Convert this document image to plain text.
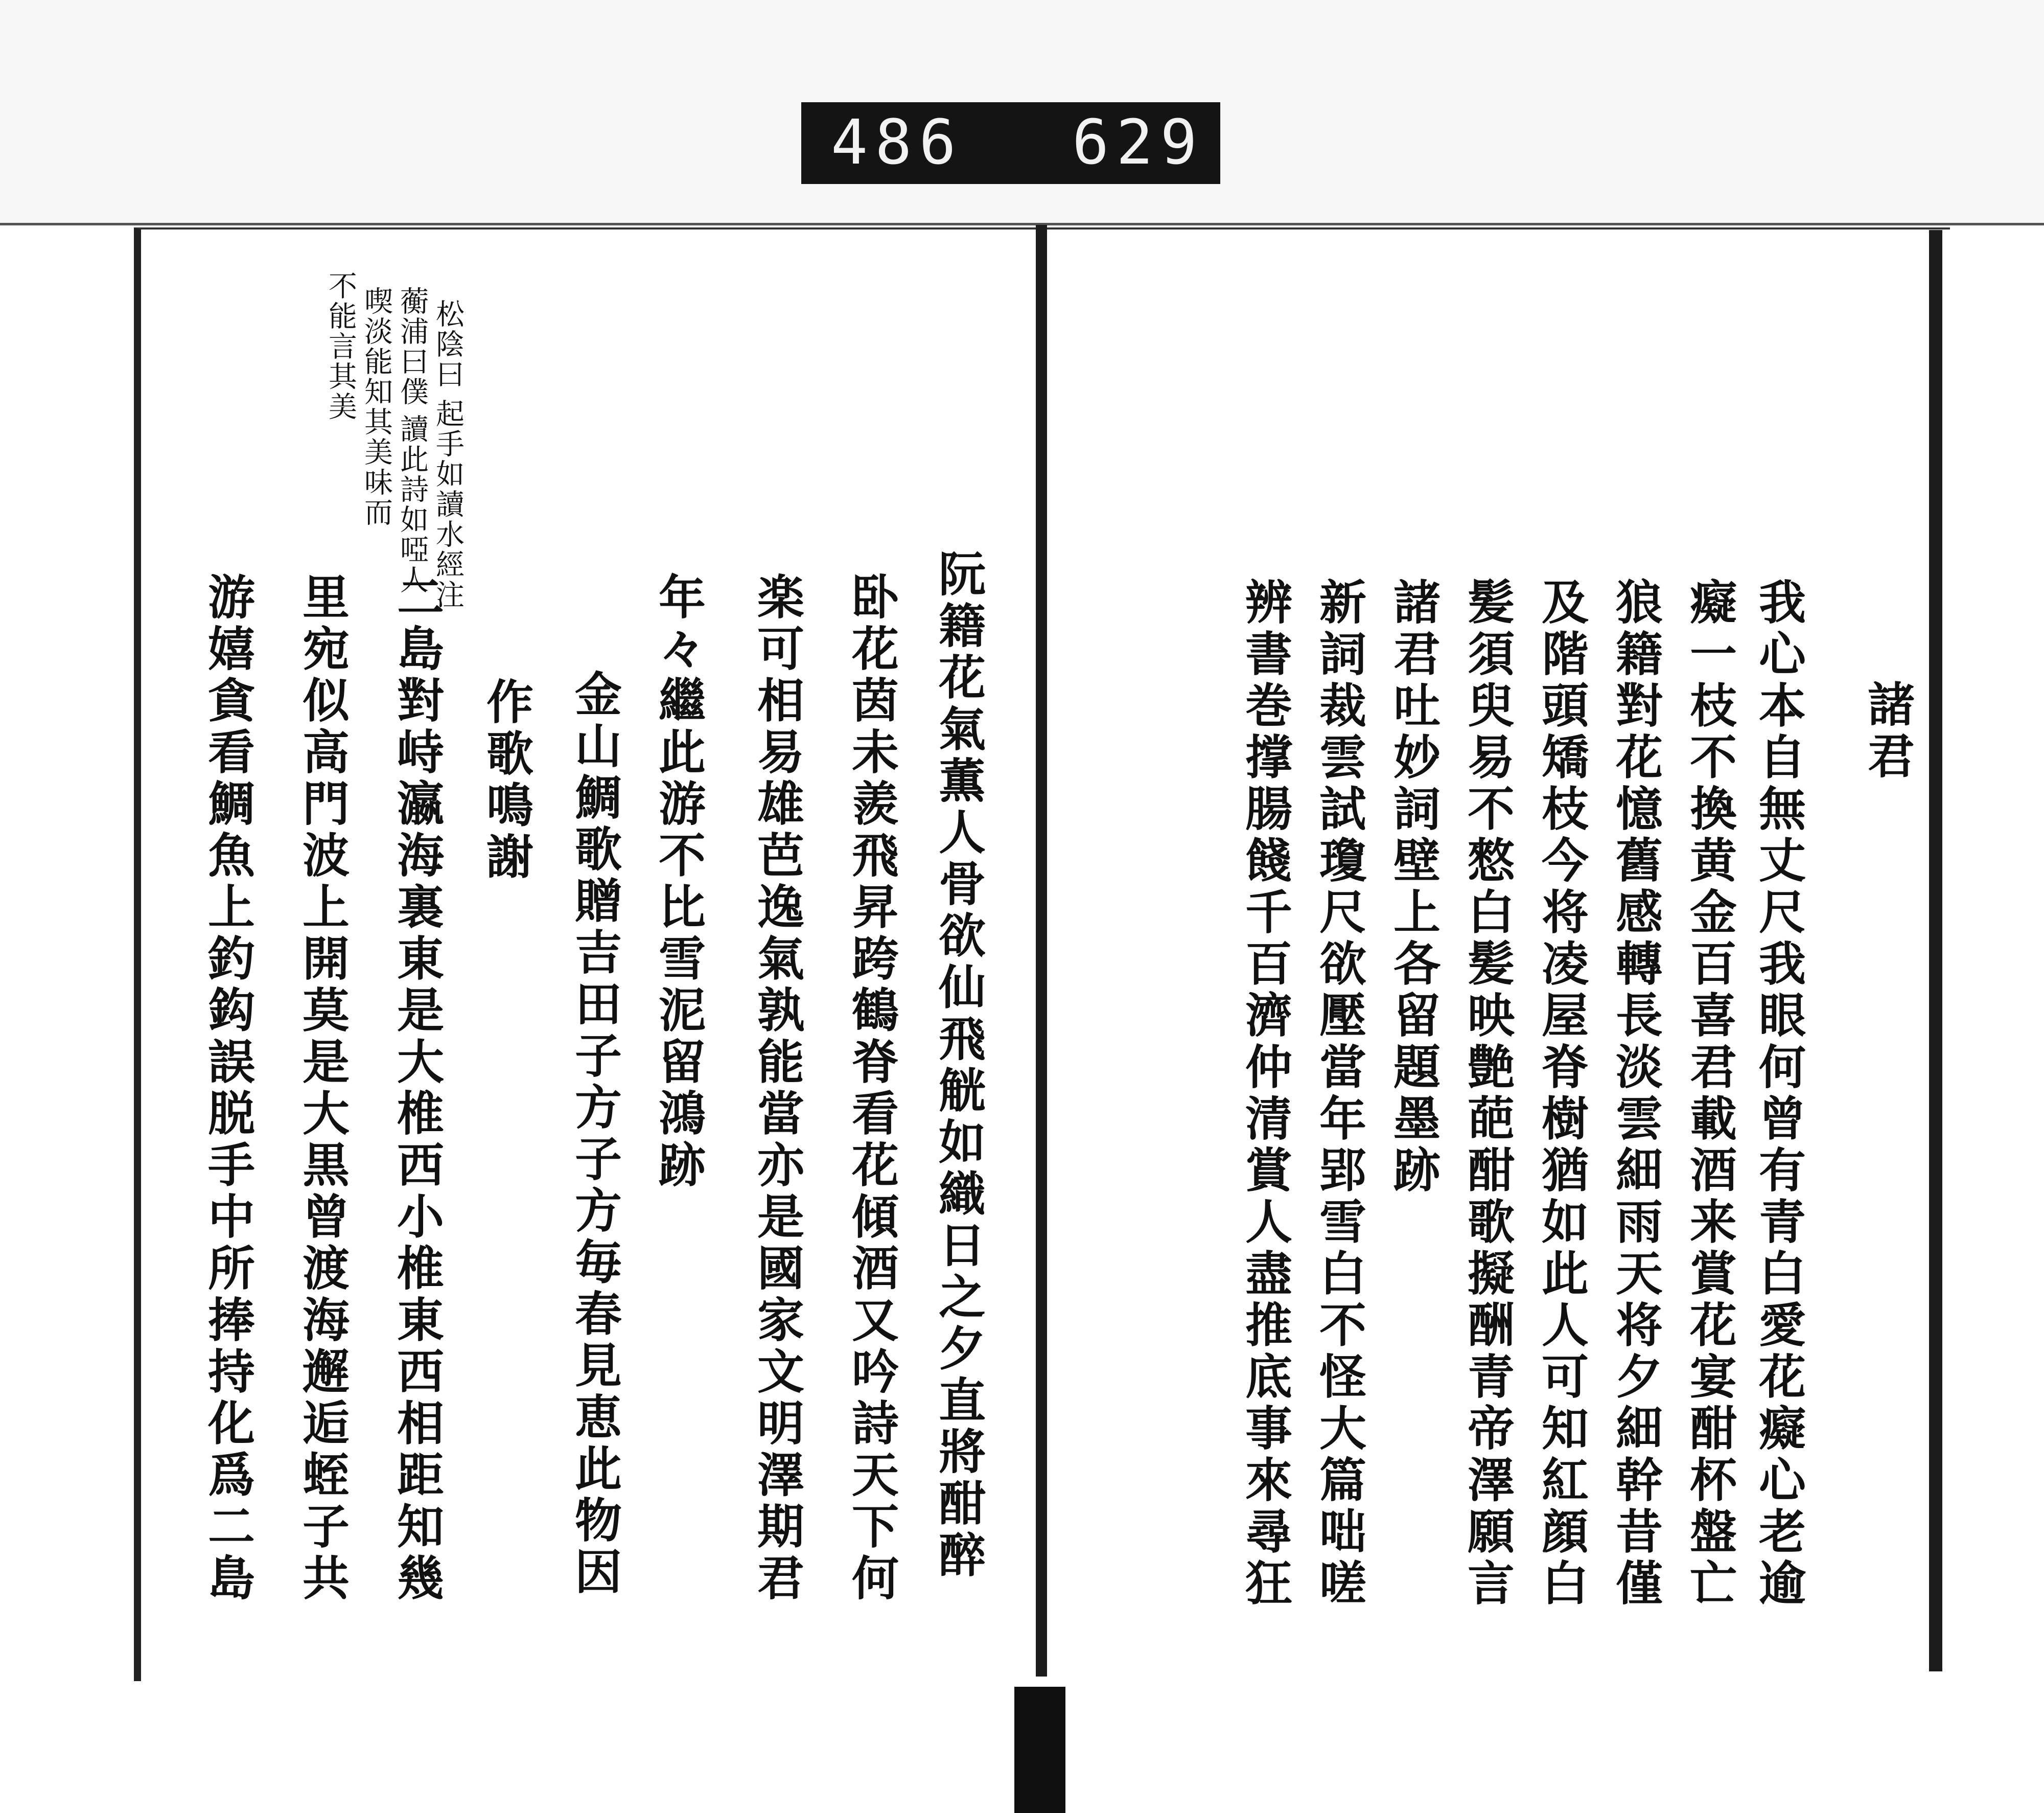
486 629
諸君
我心本自無丈尺我眼何曾有青白愛花癡心老逾
癡一枝不換黄金百喜君載酒来賞花宴酣杯盤亡
狼籍對花憶舊感轉長淡雲細雨天将夕細幹昔僅
及階頭矯枝今将凌屋脊樹猶如此人可知紅顔白
髪須臾易不憗白髪映艶葩酣歌擬酬青帝澤願言
諸君吐妙詞壁上各留題墨跡
新詞裁雲試瓊尺欲壓當年郢雪白不怪大篇咄嗟
辨書巻撑腸餞千百濟仲清賞人盡推底事來尋狂
松陰曰
起手如讀水經注
蘅浦曰僕
讀此詩如啞人
喫淡能知其美味而
不能言其美
阮籍花氣薫人骨欲仙飛觥如織日之夕直將酣醉
卧花茵未羨飛昇跨鶴脊看花傾酒又吟詩天下何
楽可相易雄芭逸氣孰能當亦是國家文明澤期君
年々繼此游不比雪泥留鴻跡
金山鯛歌贈吉田子方子方毎春見恵此物因
作歌鳴謝
二島對峙瀛海裏東是大椎西小椎東西相距知幾
里宛似高門波上開莫是大黒曾渡海邂逅蛭子共
游嬉貪看鯛魚上釣鈎誤脱手中所捧持化爲二島
